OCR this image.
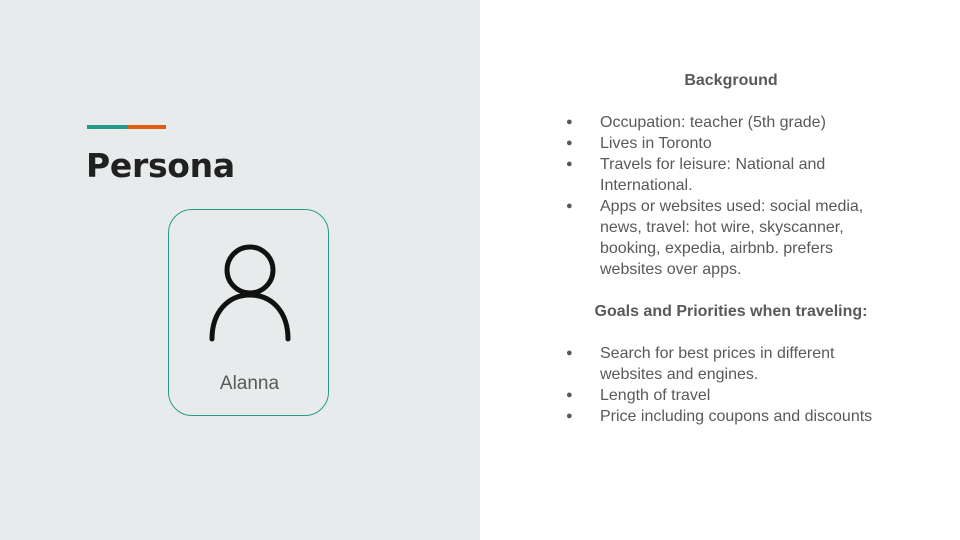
Persona
Alanna

Background

● Occupation: teacher (5th grade)
● Lives in Toronto
● Travels for leisure: National and International.
● Apps or websites used: social media, news, travel: hot wire, skyscanner, booking, expedia, airbnb. prefers websites over apps.

Goals and Priorities when traveling:

● Search for best prices in different websites and engines.
● Length of travel
● Price including coupons and discounts
